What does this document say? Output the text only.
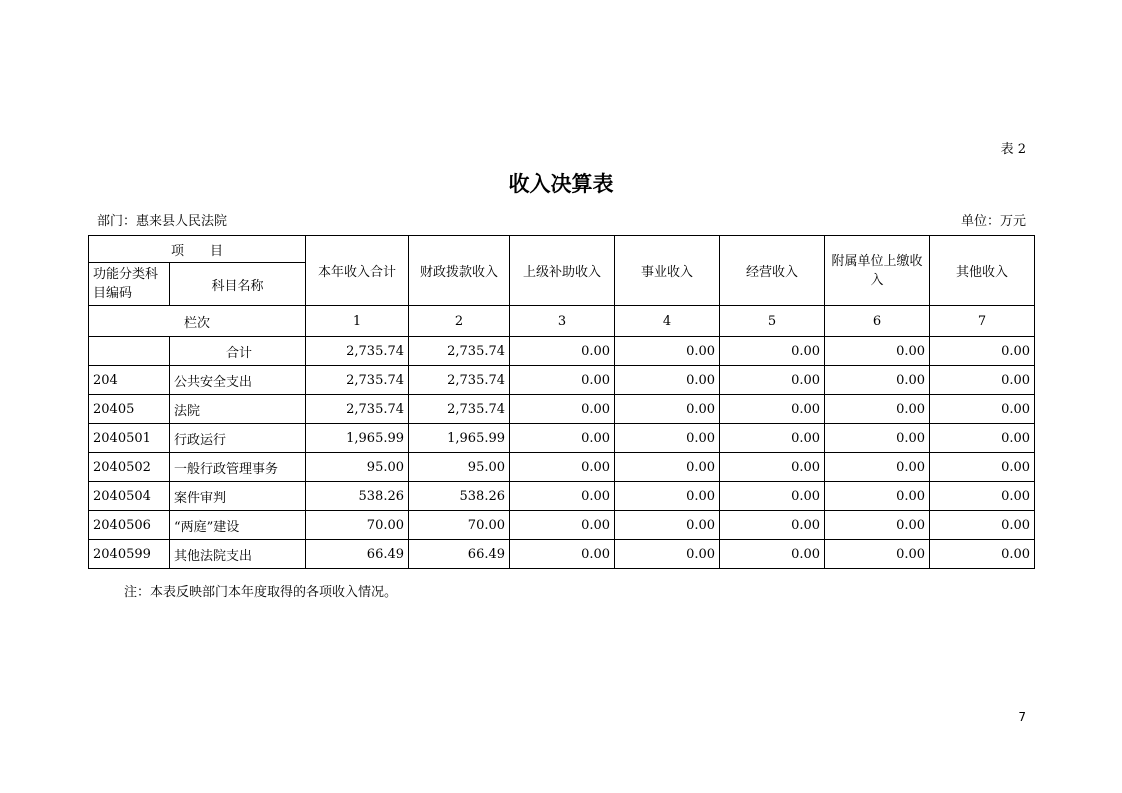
表 2
收入决算表
部门：惠来县人民法院	单位：万元
项　　目		本年收入合计	财政拨款收入	上级补助收入	事业收入	经营收入	附属单位上缴收入	其他收入
功能分类科目编码	科目名称							
栏次		1	2	3	4	5	6	7
	合计	2,735.74	2,735.74	0.00	0.00	0.00	0.00	0.00
204	公共安全支出	2,735.74	2,735.74	0.00	0.00	0.00	0.00	0.00
20405	法院	2,735.74	2,735.74	0.00	0.00	0.00	0.00	0.00
2040501	行政运行	1,965.99	1,965.99	0.00	0.00	0.00	0.00	0.00
2040502	一般行政管理事务	95.00	95.00	0.00	0.00	0.00	0.00	0.00
2040504	案件审判	538.26	538.26	0.00	0.00	0.00	0.00	0.00
2040506	“两庭”建设	70.00	70.00	0.00	0.00	0.00	0.00	0.00
2040599	其他法院支出	66.49	66.49	0.00	0.00	0.00	0.00	0.00
注：本表反映部门本年度取得的各项收入情况。
7
